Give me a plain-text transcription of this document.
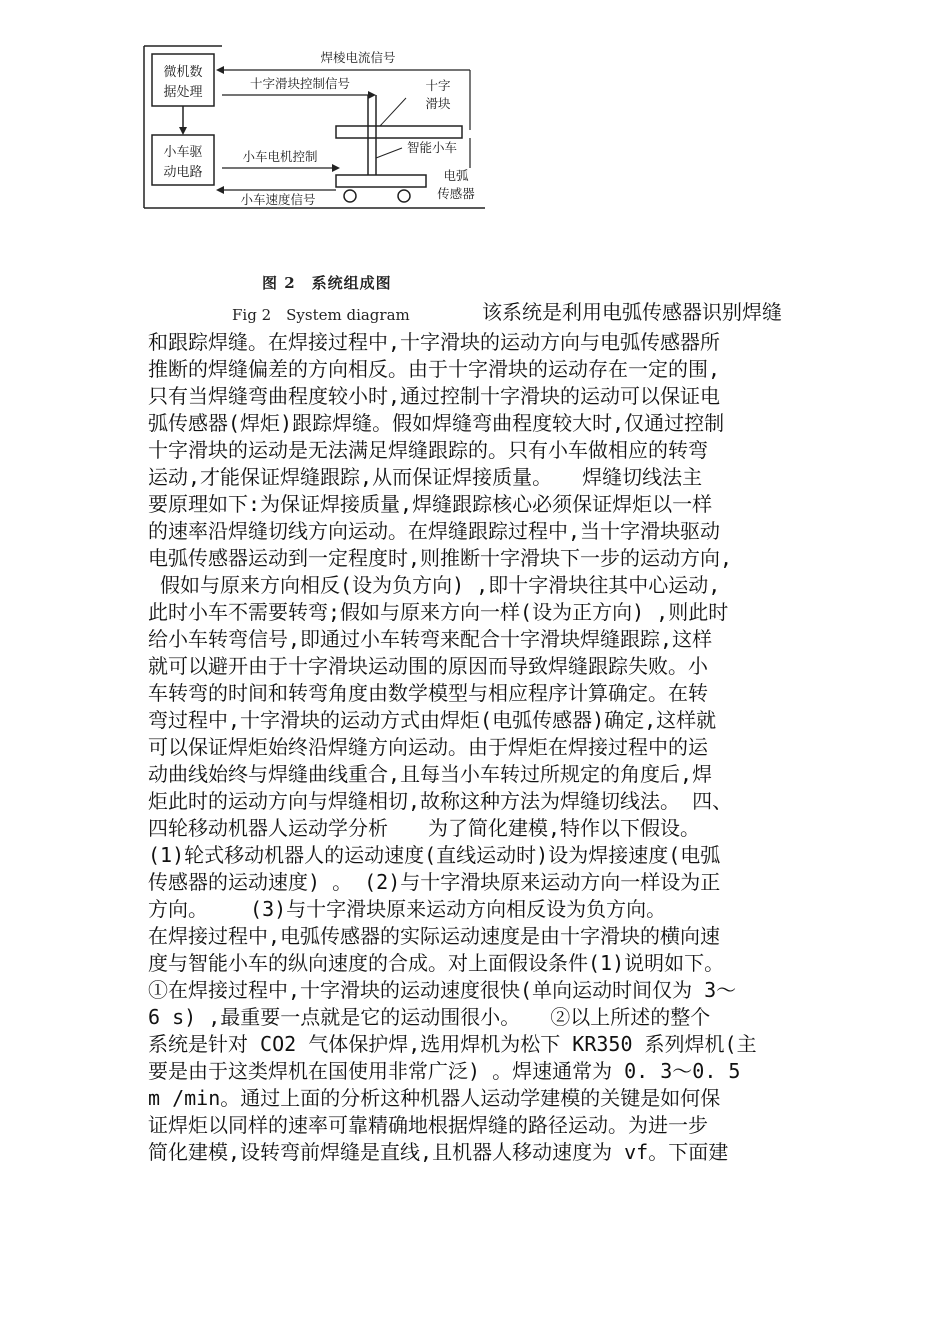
微机数
据处理
小车驱
动电路
焊棱电流信号
十字滑块控制信号	十字
滑块
智能小车
小车电机控制
电弧
传感器
小车速度信号
图 2　系统组成图
Fig 2　System diagram	该系统是利用电弧传感器识别焊缝
和跟踪焊缝。在焊接过程中,十字滑块的运动方向与电弧传感器所
推断的焊缝偏差的方向相反。由于十字滑块的运动存在一定的围,
只有当焊缝弯曲程度较小时,通过控制十字滑块的运动可以保证电
弧传感器(焊炬)跟踪焊缝。假如焊缝弯曲程度较大时,仅通过控制
十字滑块的运动是无法满足焊缝跟踪的。只有小车做相应的转弯
运动,才能保证焊缝跟踪,从而保证焊接质量。　　焊缝切线法主
要原理如下:为保证焊接质量,焊缝跟踪核心必须保证焊炬以一样
的速率沿焊缝切线方向运动。在焊缝跟踪过程中,当十字滑块驱动
电弧传感器运动到一定程度时,则推断十字滑块下一步的运动方向,
假如与原来方向相反(设为负方向) ,即十字滑块往其中心运动,
此时小车不需要转弯;假如与原来方向一样(设为正方向) ,则此时
给小车转弯信号,即通过小车转弯来配合十字滑块焊缝跟踪,这样
就可以避开由于十字滑块运动围的原因而导致焊缝跟踪失败。小
车转弯的时间和转弯角度由数学模型与相应程序计算确定。在转
弯过程中,十字滑块的运动方式由焊炬(电弧传感器)确定,这样就
可以保证焊炬始终沿焊缝方向运动。由于焊炬在焊接过程中的运
动曲线始终与焊缝曲线重合,且每当小车转过所规定的角度后,焊
炬此时的运动方向与焊缝相切,故称这种方法为焊缝切线法。 四、
四轮移动机器人运动学分析　　为了简化建模,特作以下假设。
(1)轮式移动机器人的运动速度(直线运动时)设为焊接速度(电弧
传感器的运动速度) 。 (2)与十字滑块原来运动方向一样设为正
方向。　　 (3)与十字滑块原来运动方向相反设为负方向。
在焊接过程中,电弧传感器的实际运动速度是由十字滑块的横向速
度与智能小车的纵向速度的合成。对上面假设条件(1)说明如下。
①在焊接过程中,十字滑块的运动速度很快(单向运动时间仅为 3～
6 s) ,最重要一点就是它的运动围很小。　　②以上所述的整个
系统是针对 CO2 气体保护焊,选用焊机为松下 KR350 系列焊机(主
要是由于这类焊机在国使用非常广泛) 。焊速通常为 0. 3～0. 5
m /min。通过上面的分析这种机器人运动学建模的关键是如何保
证焊炬以同样的速率可靠精确地根据焊缝的路径运动。为进一步
简化建模,设转弯前焊缝是直线,且机器人移动速度为 vf。下面建
